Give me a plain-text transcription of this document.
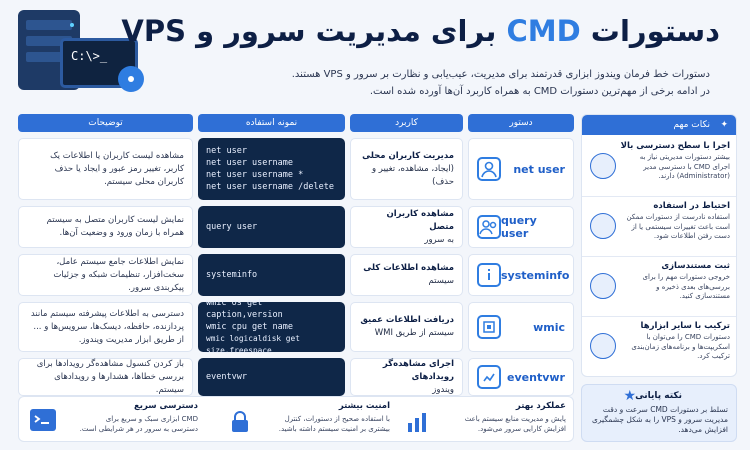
C:\>_
دستورات CMD برای مدیریت سرور و VPS
دستورات خط فرمان ویندوز ابزاری قدرتمند برای مدیریت، عیب‌یابی و نظارت بر سرور و VPS هستند.
در ادامه برخی از مهم‌ترین دستورات CMD به همراه کاربرد آن‌ها آورده شده است.
دستور
کاربرد
نمونه استفاده
توضیحات
net user
مدیریت کاربران محلی
(ایجاد، مشاهده، تغییر و حذف)
net user
net user username
net user username *
net user username /delete
مشاهده لیست کاربران یا اطلاعات یک کاربر، تغییر رمز عبور و ایجاد یا حذف کاربران محلی سیستم.
query user
مشاهده کاربران متصل
به سرور
query user
نمایش لیست کاربران متصل به سیستم همراه با زمان ورود و وضعیت آن‌ها.
systeminfo
مشاهده اطلاعات کلی
سیستم
systeminfo
نمایش اطلاعات جامع سیستم عامل، سخت‌افزار، تنظیمات شبکه و جزئیات پیکربندی سرور.
wmic
دریافت اطلاعات عمیق
سیستم از طریق WMI
wmic os get caption,version
wmic cpu get name
wmic logicaldisk get size,freespace
دسترسی به اطلاعات پیشرفته سیستم مانند پردازنده، حافظه، دیسک‌ها، سرویس‌ها و ... از طریق ابزار مدیریت ویندوز.
eventvwr
اجرای مشاهده‌گر رویدادهای
ویندوز
eventvwr
باز کردن کنسول مشاهده‌گر رویدادها برای بررسی خطاها، هشدارها و رویدادهای سیستم.
نکات مهم ✦
اجرا با سطح دسترسی بالا
بیشتر دستورات مدیریتی نیاز به اجرای CMD با دسترسی مدیر (Administrator) دارند.
احتیاط در استفاده
استفاده نادرست از دستورات ممکن است باعث تغییرات سیستمی یا از دست رفتن اطلاعات شود.
ثبت مستندسازی
خروجی دستورات مهم را برای بررسی‌های بعدی ذخیره و مستندسازی کنید.
ترکیب با سایر ابزارها
دستورات CMD را می‌توان با اسکریپت‌ها و برنامه‌های زمان‌بندی ترکیب کرد.
★ نکته پایانی
تسلط بر دستورات CMD سرعت و دقت مدیریت سرور و VPS را به شکل چشمگیری افزایش می‌دهد.
عملکرد بهتر
پایش و مدیریت منابع سیستم باعث افزایش کارایی سرور می‌شود.
امنیت بیشتر
با استفاده صحیح از دستورات، کنترل بیشتری بر امنیت سیستم داشته باشید.
دسترسی سریع
CMD ابزاری سبک و سریع برای دسترسی به سرور در هر شرایطی است.
